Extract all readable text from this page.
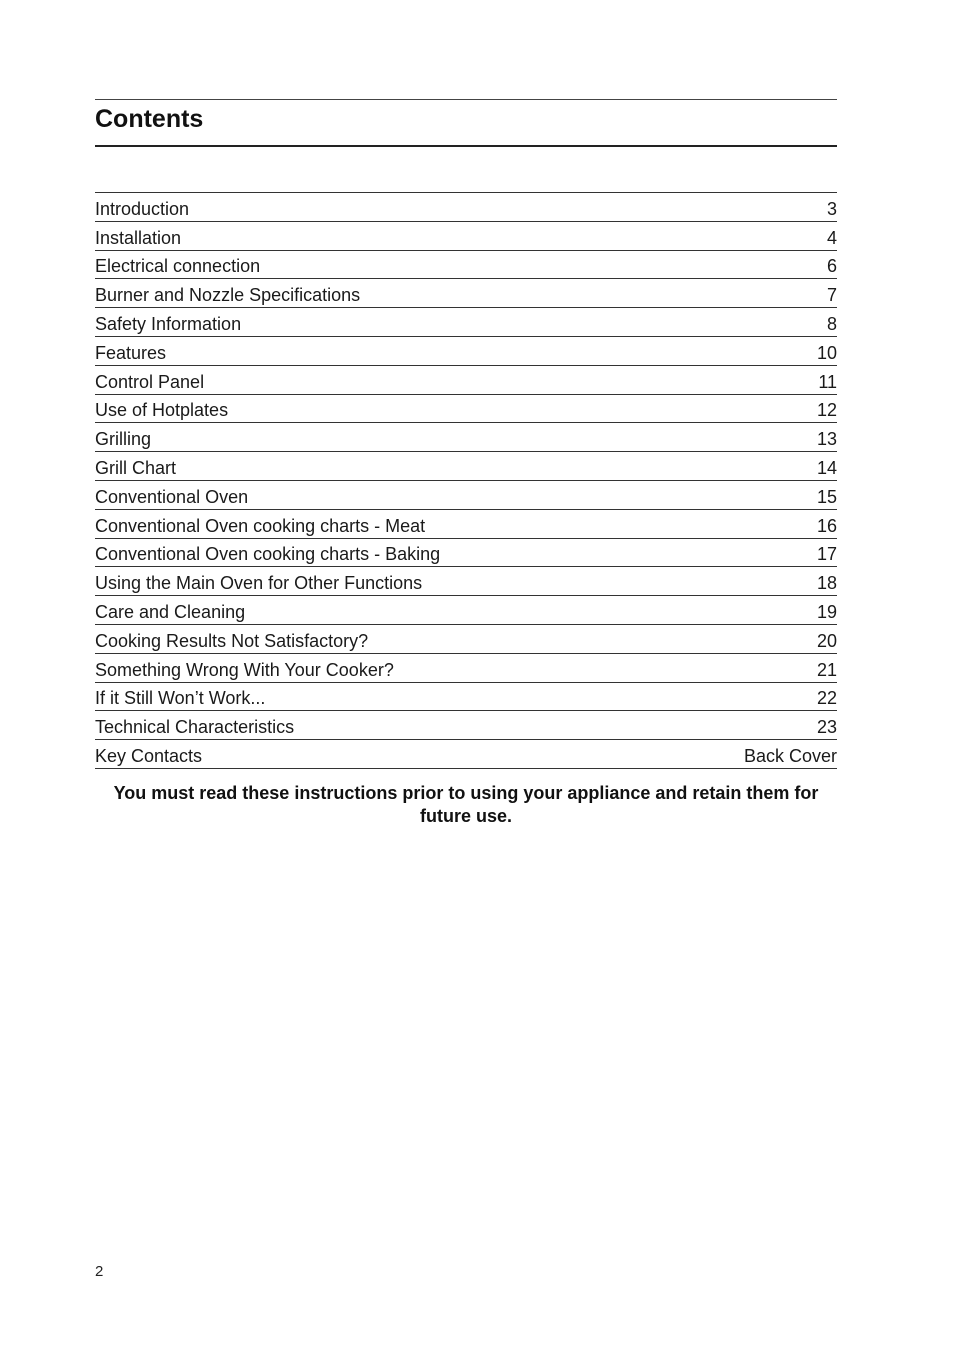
Contents
Introduction	3
Installation	4
Electrical connection	6
Burner and Nozzle Specifications	7
Safety Information	8
Features	10
Control Panel	11
Use of Hotplates	12
Grilling	13
Grill Chart	14
Conventional Oven	15
Conventional Oven cooking charts - Meat	16
Conventional Oven cooking charts - Baking	17
Using the Main Oven for Other Functions	18
Care and Cleaning	19
Cooking Results Not Satisfactory?	20
Something Wrong With Your Cooker?	21
If it Still Won’t Work...	22
Technical Characteristics	23
Key Contacts	Back Cover

You must read these instructions prior to using your appliance and retain them for future use.

2
